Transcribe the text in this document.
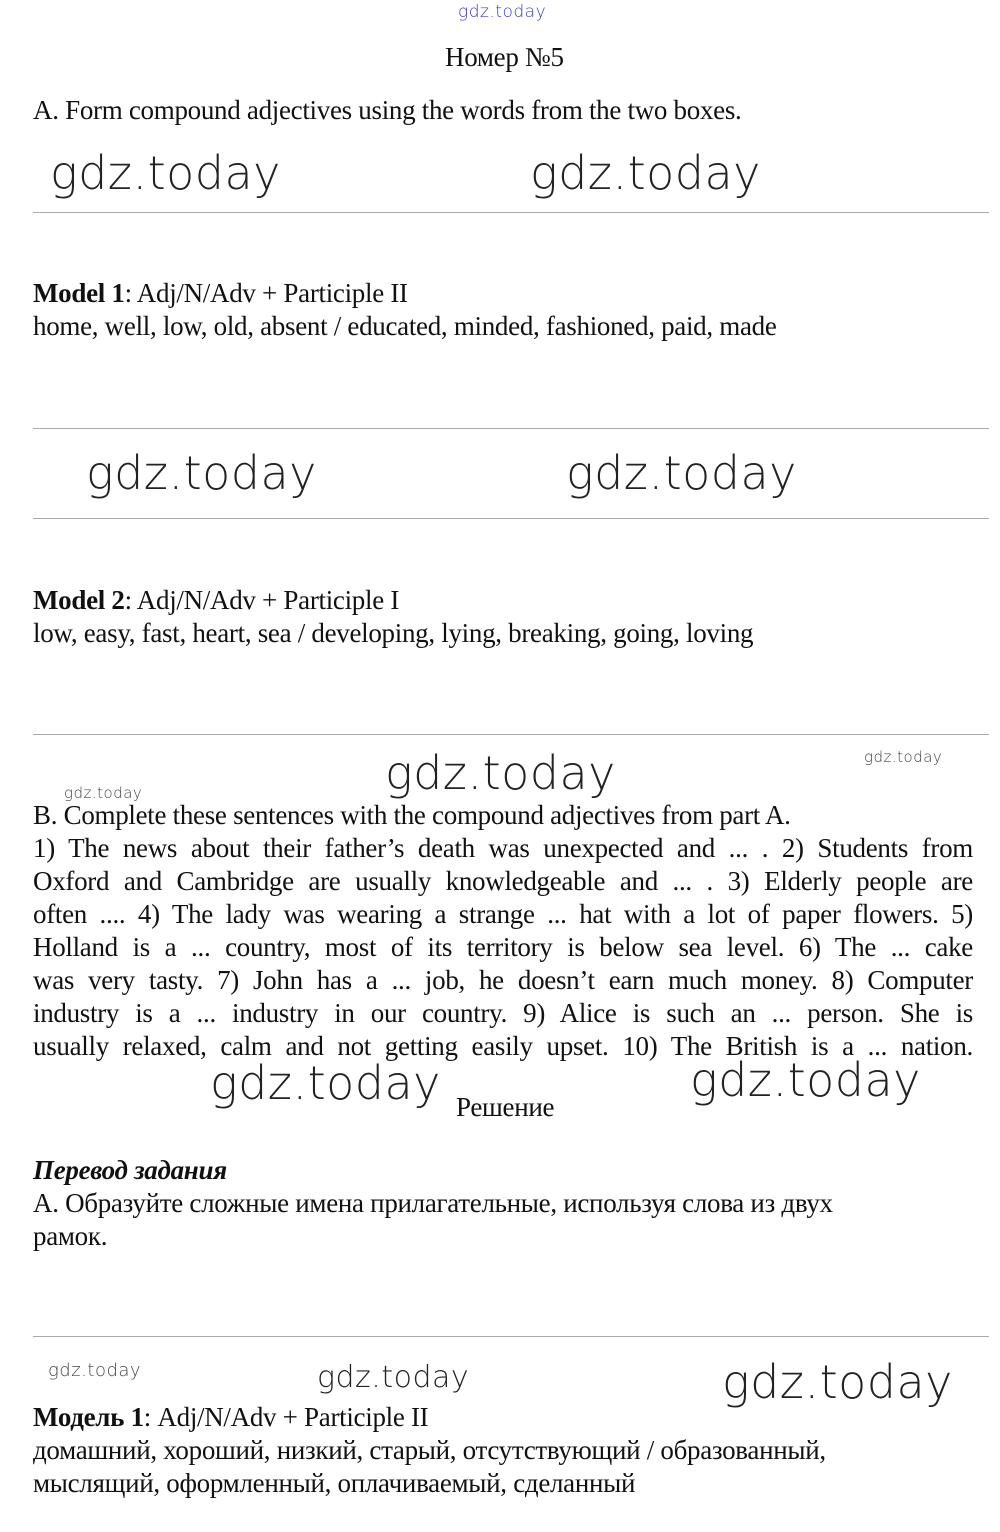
gdz.today
Номер №5
A. Form compound adjectives using the words from the two boxes.
gdz.today	gdz.today
Model 1: Adj/N/Adv + Participle II
home, well, low, old, absent / educated, minded, fashioned, paid, made
gdz.today	gdz.today
Model 2: Adj/N/Adv + Participle I
low, easy, fast, heart, sea / developing, lying, breaking, going, loving
gdz.today	gdz.today
gdz.today
B. Complete these sentences with the compound adjectives from part A.
1) The news about their father’s death was unexpected and ... . 2) Students from
Oxford and Cambridge are usually knowledgeable and ... . 3) Elderly people are
often .... 4) The lady was wearing a strange ... hat with a lot of paper flowers. 5)
Holland is a ... country, most of its territory is below sea level. 6) The ... cake
was very tasty. 7) John has a ... job, he doesn’t earn much money. 8) Computer
industry is a ... industry in our country. 9) Alice is such an ... person. She is
usually relaxed, calm and not getting easily upset. 10) The British is a ... nation.
gdz.today	gdz.today
Решение
Перевод задания
А. Образуйте сложные имена прилагательные, используя слова из двух
рамок.
gdz.today	gdz.today	gdz.today
Модель 1: Adj/N/Adv + Participle II
домашний, хороший, низкий, старый, отсутствующий / образованный,
мыслящий, оформленный, оплачиваемый, сделанный
